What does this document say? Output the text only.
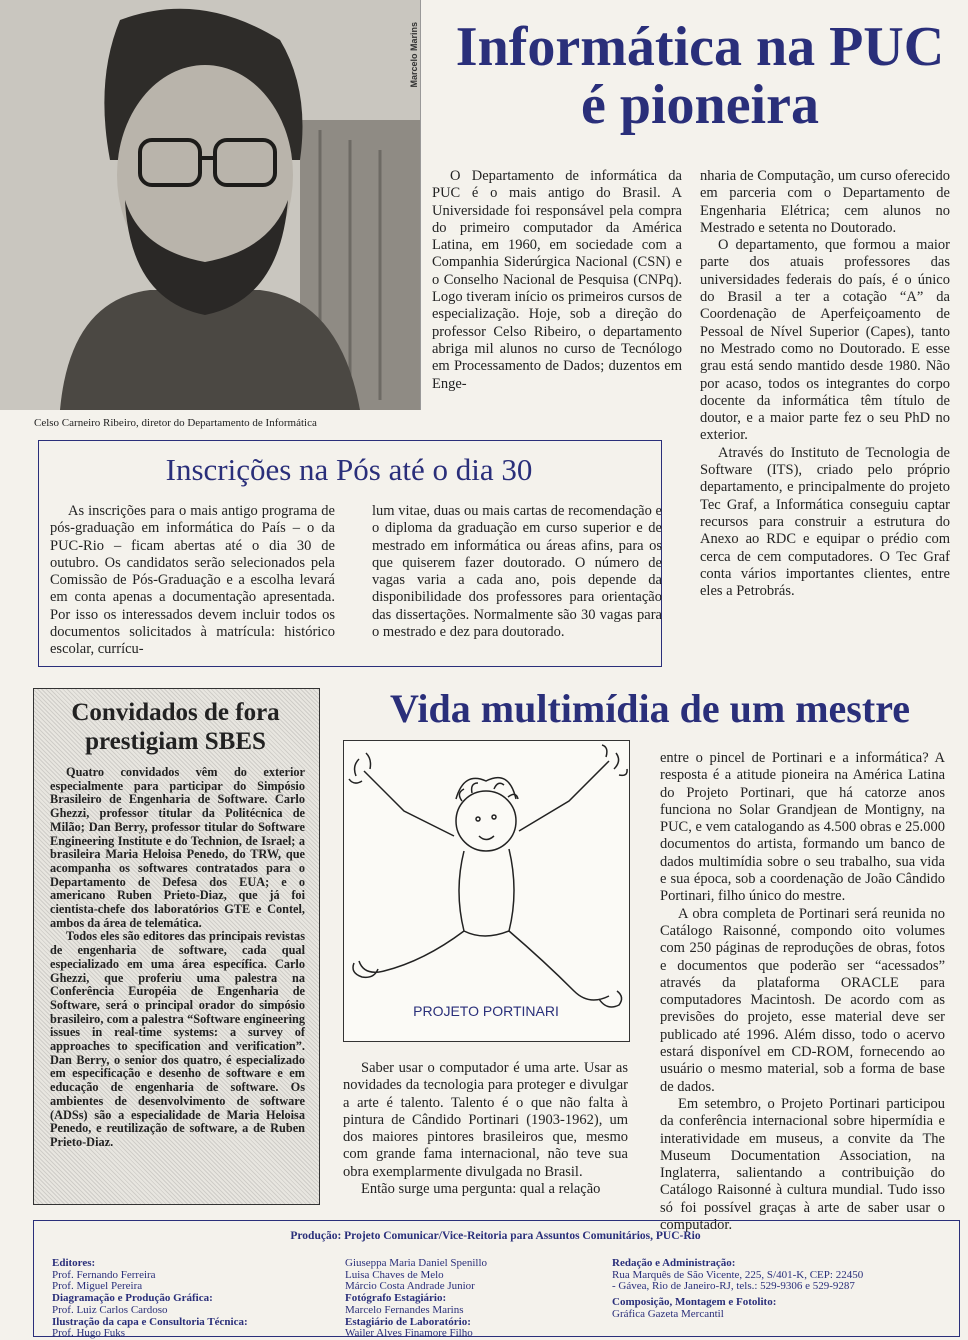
Marcelo Marins
Celso Carneiro Ribeiro, diretor do Departamento de Informática
Informática na PUC é pioneira

O Departamento de informática da PUC é o mais antigo do Brasil. A Universidade foi responsável pela compra do primeiro computador da América Latina, em 1960, em sociedade com a Companhia Siderúrgica Nacional (CSN) e o Conselho Nacional de Pesquisa (CNPq). Logo tiveram início os primeiros cursos de especialização. Hoje, sob a direção do professor Celso Ribeiro, o departamento abriga mil alunos no curso de Tecnólogo em Processamento de Dados; duzentos em Enge-

nharia de Computação, um curso oferecido em parceria com o Departamento de Engenharia Elétrica; cem alunos no Mestrado e setenta no Doutorado.

O departamento, que formou a maior parte dos atuais professores das universidades federais do país, é o único do Brasil a ter a cotação “A” da Coordenação de Aperfeiçoamento de Pessoal de Nível Superior (Capes), tanto no Mestrado como no Doutorado. E esse grau está sendo mantido desde 1980. Não por acaso, todos os integrantes do corpo docente da informática têm título de doutor, e a maior parte fez o seu PhD no exterior.

Através do Instituto de Tecnologia de Software (ITS), criado pelo próprio departamento, e principalmente do projeto Tec Graf, a Informática conseguiu captar recursos para construir a estrutura do Anexo ao RDC e equipar o prédio com cerca de cem computadores. O Tec Graf conta vários importantes clientes, entre eles a Petrobrás.

Inscrições na Pós até o dia 30

As inscrições para o mais antigo programa de pós-graduação em informática do País – o da PUC-Rio – ficam abertas até o dia 30 de outubro. Os candidatos serão selecionados pela Comissão de Pós-Graduação e a escolha levará em conta apenas a documentação apresentada. Por isso os interessados devem incluir todos os documentos solicitados à matrícula: histórico escolar, currícu-

lum vitae, duas ou mais cartas de recomendação e o diploma da graduação em curso superior e de mestrado em informática ou áreas afins, para os que quiserem fazer doutorado. O número de vagas varia a cada ano, pois depende da disponibilidade dos professores para orientação das dissertações. Normalmente são 30 vagas para o mestrado e dez para doutorado.

Convidados de fora prestigiam SBES

Quatro convidados vêm do exterior especialmente para participar do Simpósio Brasileiro de Engenharia de Software. Carlo Ghezzi, professor titular da Politécnica de Milão; Dan Berry, professor titular do Software Engineering Institute e do Technion, de Israel; a brasileira Maria Heloisa Penedo, do TRW, que acompanha os softwares contratados para o Departamento de Defesa dos EUA; e o americano Ruben Prieto-Diaz, que já foi cientista-chefe dos laboratórios GTE e Contel, ambos da área de telemática.

Todos eles são editores das principais revistas de engenharia de software, cada qual especializado em uma área específica. Carlo Ghezzi, que proferiu uma palestra na Conferência Européia de Engenharia de Software, será o principal orador do simpósio brasileiro, com a palestra “Software engineering issues in real-time systems: a survey of approaches to specification and verification”. Dan Berry, o senior dos quatro, é especializado em especificação e desenho de software e em educação de engenharia de software. Os ambientes de desenvolvimento de software (ADSs) são a especialidade de Maria Heloisa Penedo, e reutilização de software, a de Ruben Prieto-Diaz.

Vida multimídia de um mestre
PROJETO PORTINARI

Saber usar o computador é uma arte. Usar as novidades da tecnologia para proteger e divulgar a arte é talento. Talento é o que não falta à pintura de Cândido Portinari (1903-1962), um dos maiores pintores brasileiros que, mesmo com grande fama internacional, não teve sua obra exemplarmente divulgada no Brasil.

Então surge uma pergunta: qual a relação

entre o pincel de Portinari e a informática? A resposta é a atitude pioneira na América Latina do Projeto Portinari, que há catorze anos funciona no Solar Grandjean de Montigny, na PUC, e vem catalogando as 4.500 obras e 25.000 documentos do artista, formando um banco de dados multimídia sobre o seu trabalho, sua vida e sua época, sob a coordenação de João Cândido Portinari, filho único do mestre.

A obra completa de Portinari será reunida no Catálogo Raisonné, compondo oito volumes com 250 páginas de reproduções de obras, fotos e documentos que poderão ser “acessados” através da plataforma ORACLE para computadores Macintosh. De acordo com as previsões do projeto, esse material deve ser publicado até 1996. Além disso, todo o acervo estará disponível em CD-ROM, fornecendo ao usuário o mesmo material, sob a forma de base de dados.

Em setembro, o Projeto Portinari participou da conferência internacional sobre hipermídia e interatividade em museus, a convite da The Museum Documentation Association, na Inglaterra, salientando a contribuição do Catálogo Raisonné à cultura mundial. Tudo isso só foi possível graças à arte de saber usar o computador.

Produção: Projeto Comunicar/Vice-Reitoria para Assuntos Comunitários, PUC-Rio
Editores:
Prof. Fernando Ferreira
Prof. Miguel Pereira
Diagramação e Produção Gráfica:
Prof. Luiz Carlos Cardoso
Ilustração da capa e Consultoria Técnica:
Prof. Hugo Fuks
Giuseppa Maria Daniel Spenillo
Luisa Chaves de Melo
Márcio Costa Andrade Junior
Fotógrafo Estagiário:
Marcelo Fernandes Marins
Estagiário de Laboratório:
Wailer Alves Finamore Filho
Redação e Administração:
Rua Marquês de São Vicente, 225, S/401-K, CEP: 22450
- Gávea, Rio de Janeiro-RJ, tels.: 529-9306 e 529-9287
Composição, Montagem e Fotolito:
Gráfica Gazeta Mercantil
